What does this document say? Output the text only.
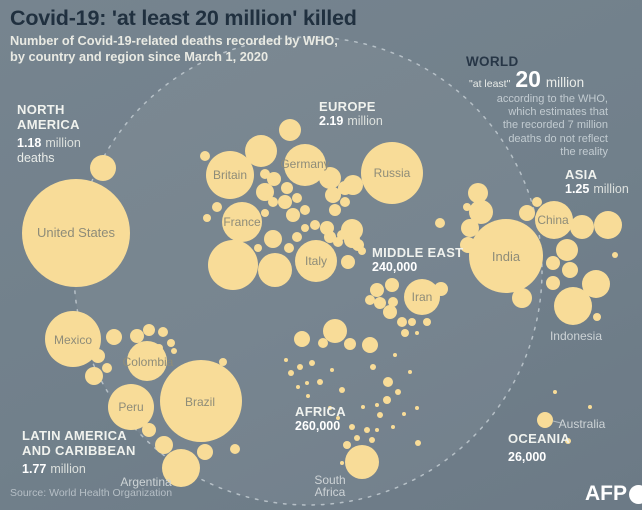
United States
Mexico
Colombia
Peru	Brazil
Argentina
Britain
Germany
France
Italy
Russia
Iran
India
China
Indonesia
South Africa
Australia
Covid-19: 'at least 20 million' killed
Number of Covid-19-related deaths recorded by WHO,
by country and region since March 1, 2020	WORLD
"at least" 20 million
according to the WHO,
which estimates that
the recorded 7 million
deaths do not reflect
the reality
NORTH
AMERICA
1.18 million
deaths
EUROPE
2.19 million
ASIA
1.25 million
MIDDLE EAST
240,000
AFRICA
260,000
LATIN AMERICA
AND CARIBBEAN
1.77 million
OCEANIA
26,000
Source: World Health Organization	AFP
